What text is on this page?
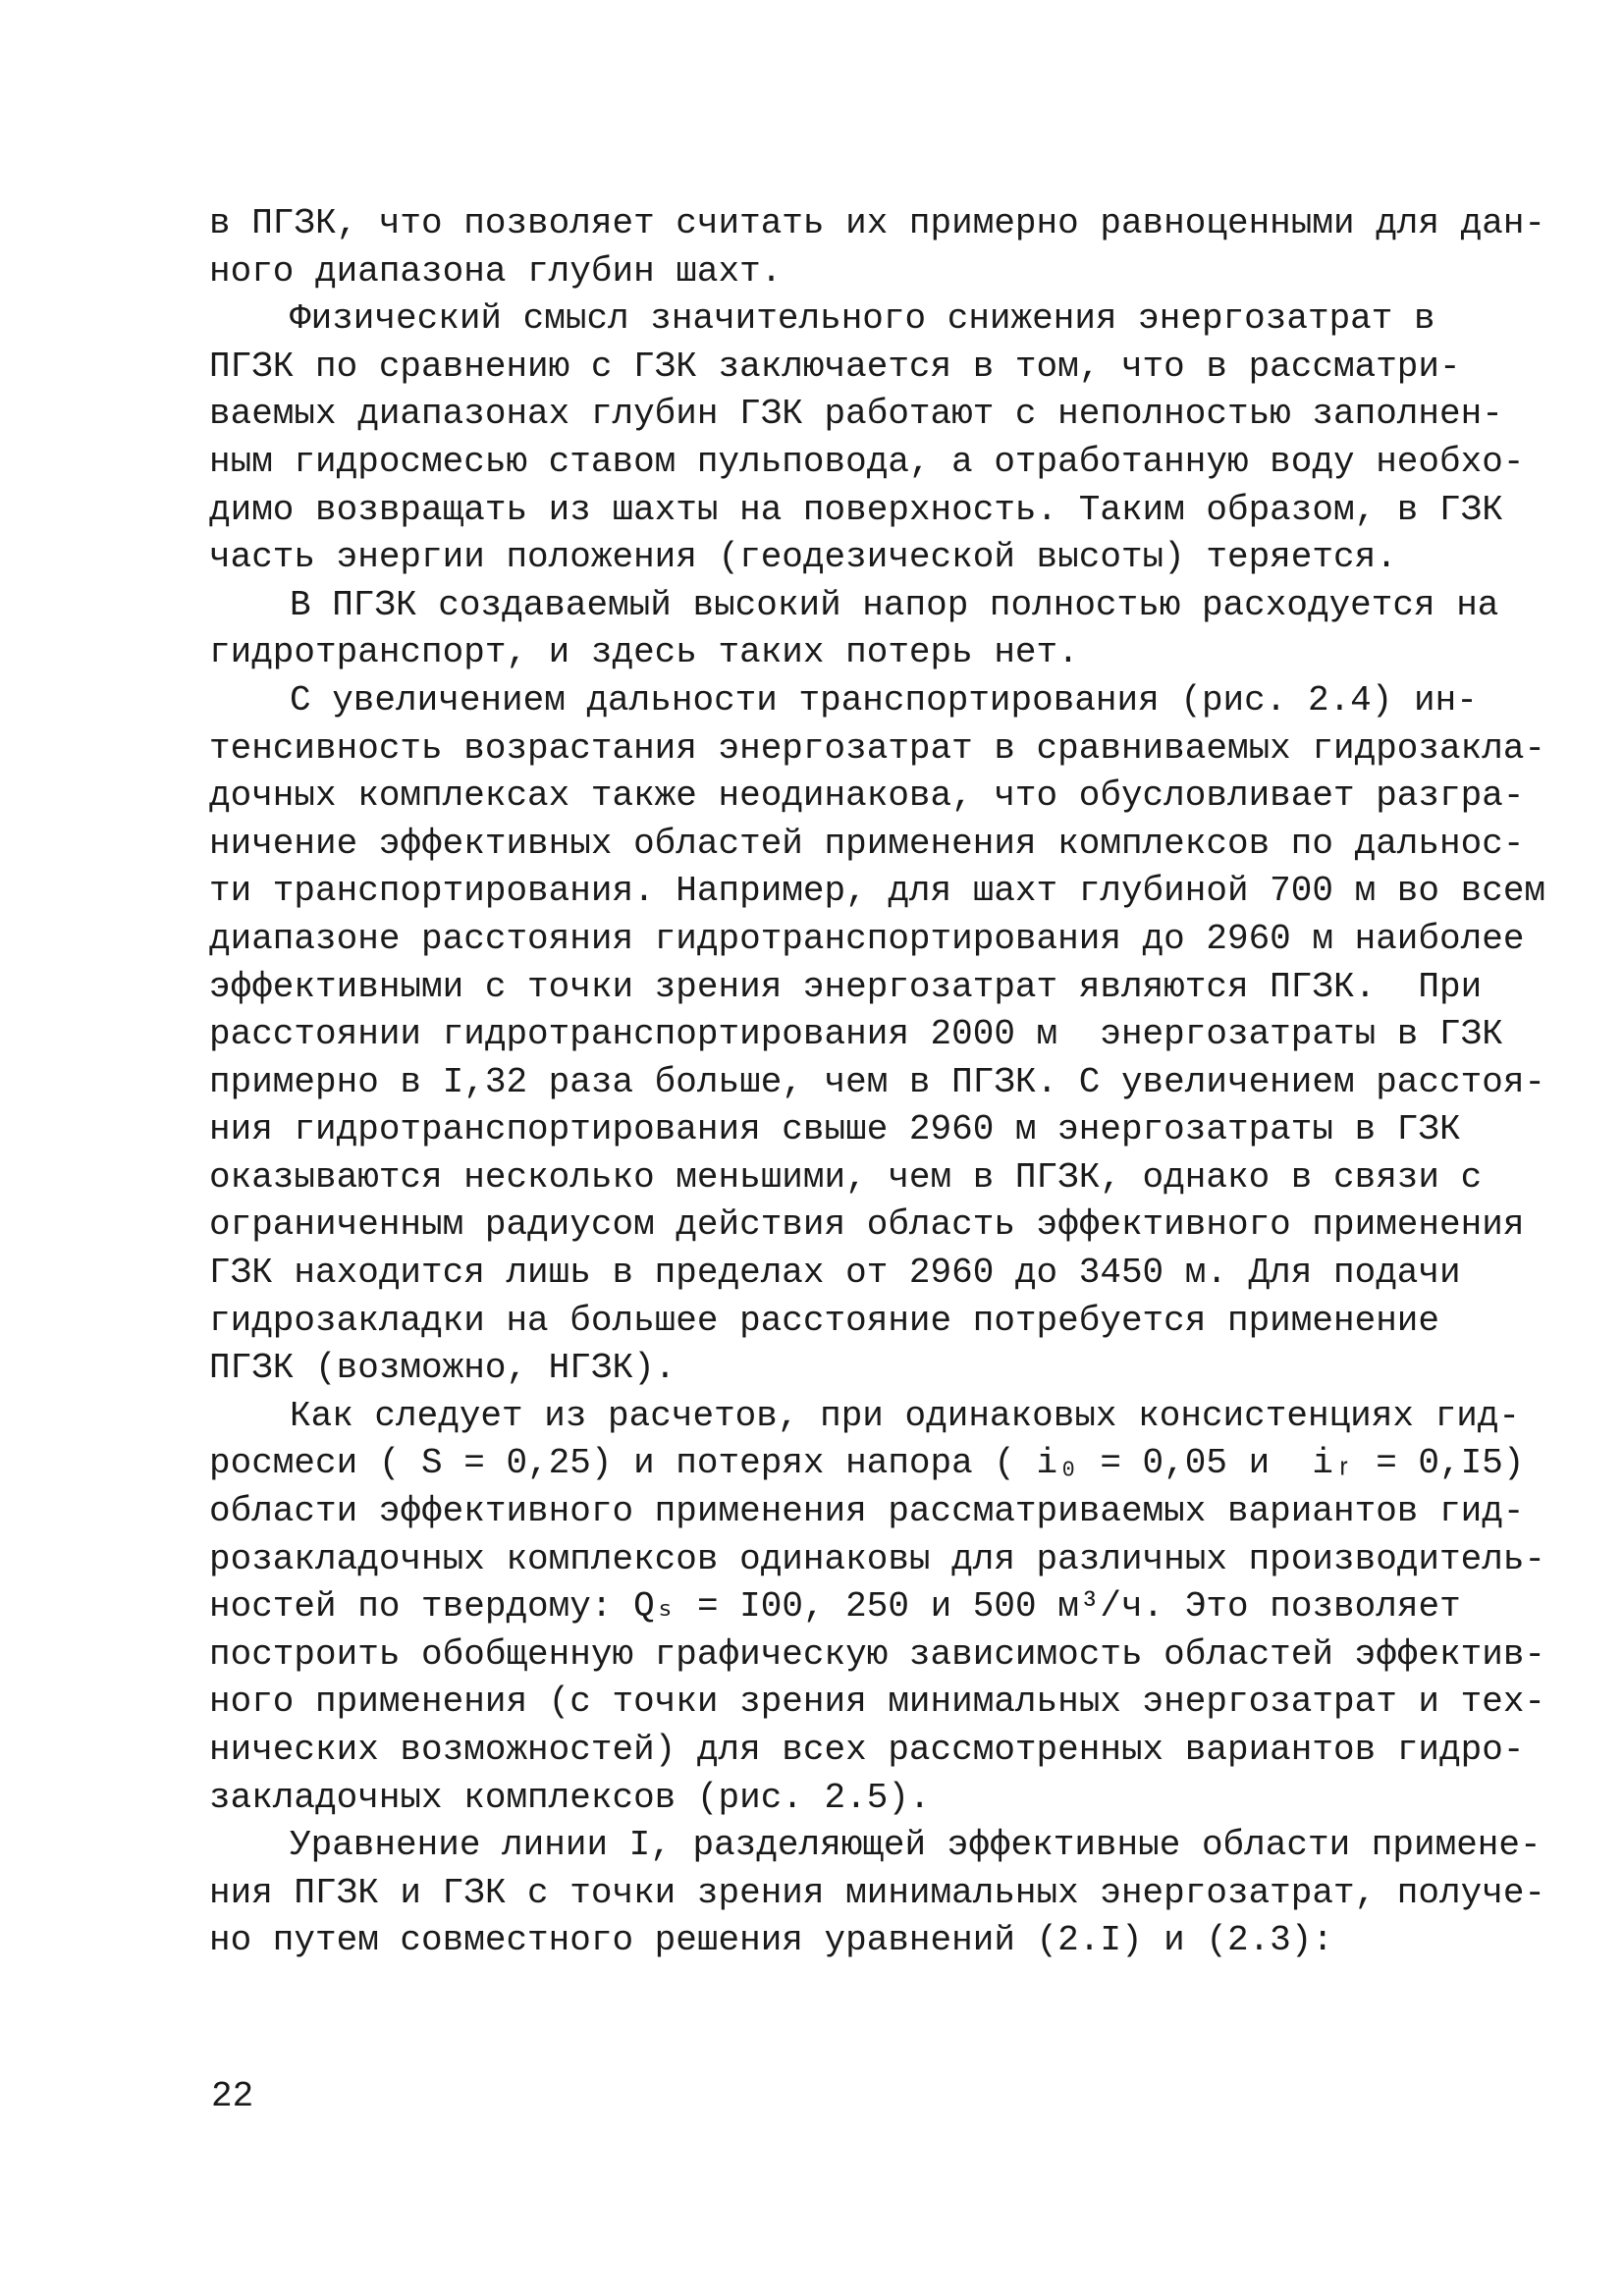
в ПГЗК, что позволяет считать их примерно равноценными для дан-
ного диапазона глубин шахт.
Физический смысл значительного снижения энергозатрат в
ПГЗК по сравнению с ГЗК заключается в том, что в рассматри-
ваемых диапазонах глубин ГЗК работают с неполностью заполнен-
ным гидросмесью ставом пульповода, а отработанную воду необхо-
димо возвращать из шахты на поверхность. Таким образом, в ГЗК
часть энергии положения (геодезической высоты) теряется.
В ПГЗК создаваемый высокий напор полностью расходуется на
гидротранспорт, и здесь таких потерь нет.
С увеличением дальности транспортирования (рис. 2.4) ин-
тенсивность возрастания энергозатрат в сравниваемых гидрозакла-
дочных комплексах также неодинакова, что обусловливает разгра-
ничение эффективных областей применения комплексов по дальнос-
ти транспортирования. Например, для шахт глубиной 700 м во всем
диапазоне расстояния гидротранспортирования до 2960 м наиболее
эффективными с точки зрения энергозатрат являются ПГЗК.  При
расстоянии гидротранспортирования 2000 м  энергозатраты в ГЗК
примерно в I,32 раза больше, чем в ПГЗК. С увеличением расстоя-
ния гидротранспортирования свыше 2960 м энергозатраты в ГЗК
оказываются несколько меньшими, чем в ПГЗК, однако в связи с
ограниченным радиусом действия область эффективного применения
ГЗК находится лишь в пределах от 2960 до 3450 м. Для подачи
гидрозакладки на большее расстояние потребуется применение
ПГЗК (возможно, НГЗК).
Как следует из расчетов, при одинаковых консистенциях гид-
росмеси ( S = 0,25) и потерях напора ( i₀ = 0,05 и  iᵣ = 0,I5)
области эффективного применения рассматриваемых вариантов гид-
розакладочных комплексов одинаковы для различных производитель-
ностей по твердому: Qₛ = I00, 250 и 500 м³/ч. Это позволяет
построить обобщенную графическую зависимость областей эффектив-
ного применения (с точки зрения минимальных энергозатрат и тех-
нических возможностей) для всех рассмотренных вариантов гидро-
закладочных комплексов (рис. 2.5).
Уравнение линии I, разделяющей эффективные области примене-
ния ПГЗК и ГЗК с точки зрения минимальных энергозатрат, получе-
но путем совместного решения уравнений (2.I) и (2.3):
22
